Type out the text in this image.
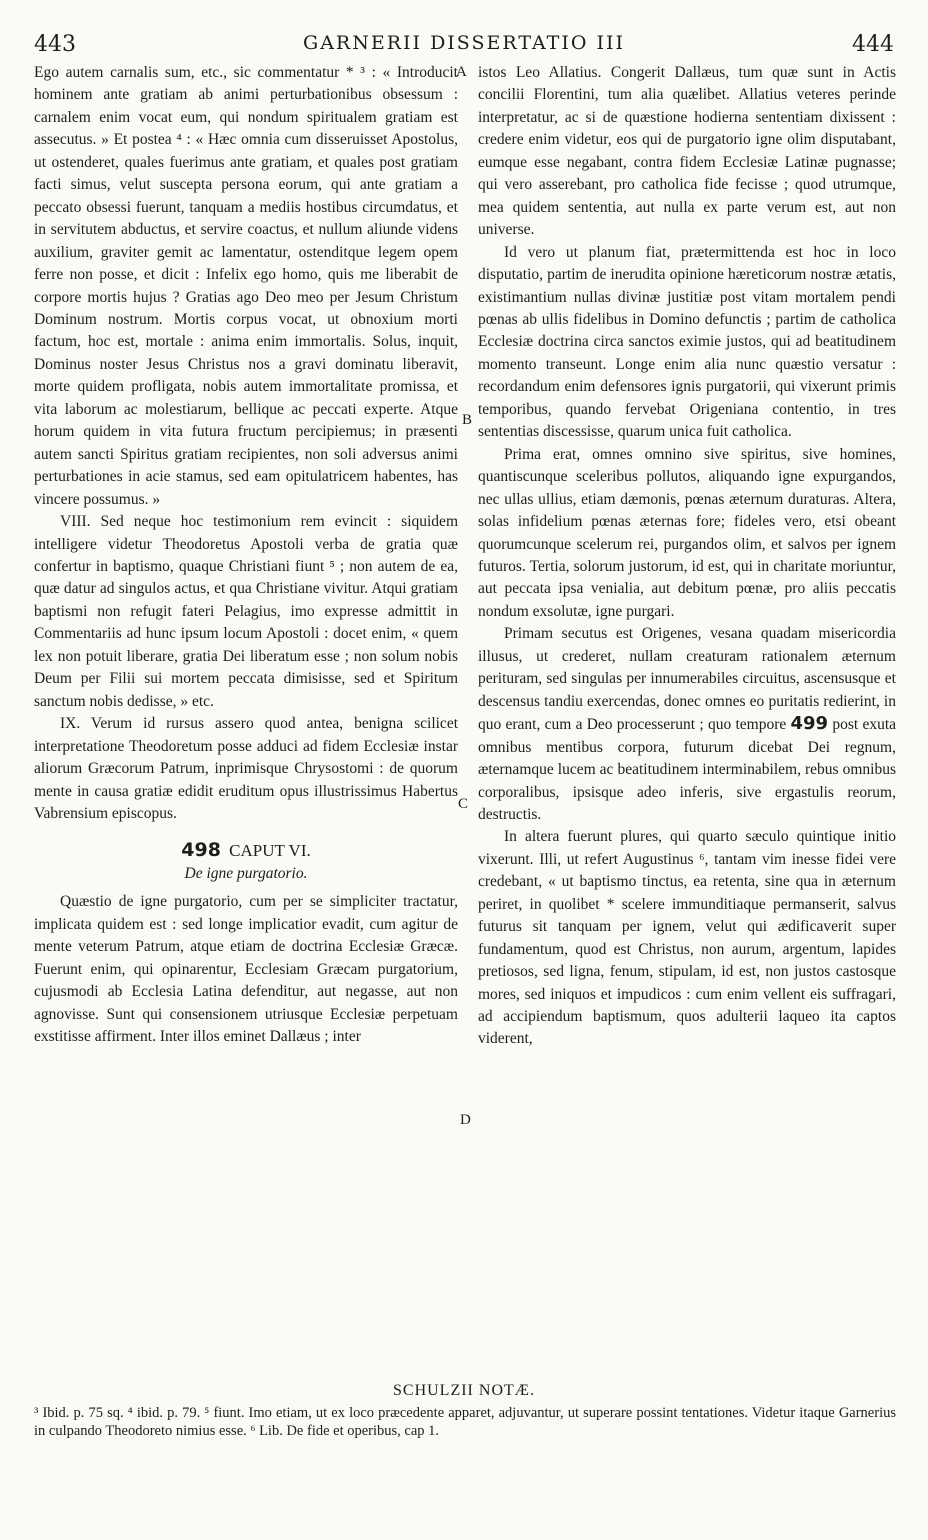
443	GARNERII DISSERTATIO III	444
A
B
C
D

Ego autem carnalis sum, etc., sic commentatur * ³ : « Introducit hominem ante gratiam ab animi perturbationibus obsessum : carnalem enim vocat eum, qui nondum spiritualem gratiam est assecutus. » Et postea ⁴ : « Hæc omnia cum disseruisset Apostolus, ut ostenderet, quales fuerimus ante gratiam, et quales post gratiam facti simus, velut suscepta persona eorum, qui ante gratiam a peccato obsessi fuerunt, tanquam a mediis hostibus circumdatus, et in servitutem abductus, et servire coactus, et nullum aliunde videns auxilium, graviter gemit ac lamentatur, ostenditque legem opem ferre non posse, et dicit : Infelix ego homo, quis me liberabit de corpore mortis hujus ? Gratias ago Deo meo per Jesum Christum Dominum nostrum. Mortis corpus vocat, ut obnoxium morti factum, hoc est, mortale : anima enim immortalis. Solus, inquit, Dominus noster Jesus Christus nos a gravi dominatu liberavit, morte quidem profligata, nobis autem immortalitate promissa, et vita laborum ac molestiarum, bellique ac peccati experte. Atque horum quidem in vita futura fructum percipiemus; in præsenti autem sancti Spiritus gratiam recipientes, non soli adversus animi perturbationes in acie stamus, sed eam opitulatricem habentes, has vincere possumus. »

VIII. Sed neque hoc testimonium rem evincit : siquidem intelligere videtur Theodoretus Apostoli verba de gratia quæ confertur in baptismo, quaque Christiani fiunt ⁵ ; non autem de ea, quæ datur ad singulos actus, et qua Christiane vivitur. Atqui gratiam baptismi non refugit fateri Pelagius, imo expresse admittit in Commentariis ad hunc ipsum locum Apostoli : docet enim, « quem lex non potuit liberare, gratia Dei liberatum esse ; non solum nobis Deum per Filii sui mortem peccata dimisisse, sed et Spiritum sanctum nobis dedisse, » etc.

IX. Verum id rursus assero quod antea, benigna scilicet interpretatione Theodoretum posse adduci ad fidem Ecclesiæ instar aliorum Græcorum Patrum, inprimisque Chrysostomi : de quorum mente in causa gratiæ edidit eruditum opus illustrissimus Habertus Vabrensium episcopus.

498 CAPUT VI.

De igne purgatorio.

Quæstio de igne purgatorio, cum per se simpliciter tractatur, implicata quidem est : sed longe implicatior evadit, cum agitur de mente veterum Patrum, atque etiam de doctrina Ecclesiæ Græcæ. Fuerunt enim, qui opinarentur, Ecclesiam Græcam purgatorium, cujusmodi ab Ecclesia Latina defenditur, aut negasse, aut non agnovisse. Sunt qui consensionem utriusque Ecclesiæ perpetuam exstitisse affirment. Inter illos eminet Dallæus ; inter

istos Leo Allatius. Congerit Dallæus, tum quæ sunt in Actis concilii Florentini, tum alia quælibet. Allatius veteres perinde interpretatur, ac si de quæstione hodierna sententiam dixissent : credere enim videtur, eos qui de purgatorio igne olim disputabant, eumque esse negabant, contra fidem Ecclesiæ Latinæ pugnasse; qui vero asserebant, pro catholica fide fecisse ; quod utrumque, mea quidem sententia, aut nulla ex parte verum est, aut non universe.

Id vero ut planum fiat, prætermittenda est hoc in loco disputatio, partim de inerudita opinione hæreticorum nostræ ætatis, existimantium nullas divinæ justitiæ post vitam mortalem pendi pœnas ab ullis fidelibus in Domino defunctis ; partim de catholica Ecclesiæ doctrina circa sanctos eximie justos, qui ad beatitudinem momento transeunt. Longe enim alia nunc quæstio versatur : recordandum enim defensores ignis purgatorii, qui vixerunt primis temporibus, quando fervebat Origeniana contentio, in tres sententias discessisse, quarum unica fuit catholica.

Prima erat, omnes omnino sive spiritus, sive homines, quantiscunque sceleribus pollutos, aliquando igne expurgandos, nec ullas ullius, etiam dæmonis, pœnas æternum duraturas. Altera, solas infidelium pœnas æternas fore; fideles vero, etsi obeant quorumcunque scelerum rei, purgandos olim, et salvos per ignem futuros. Tertia, solorum justorum, id est, qui in charitate moriuntur, aut peccata ipsa venialia, aut debitum pœnæ, pro aliis peccatis nondum exsolutæ, igne purgari.

Primam secutus est Origenes, vesana quadam misericordia illusus, ut crederet, nullam creaturam rationalem æternum perituram, sed singulas per innumerabiles circuitus, ascensusque et descensus tandiu exercendas, donec omnes eo puritatis redierint, in quo erant, cum a Deo processerunt ; quo tempore 499 post exuta omnibus mentibus corpora, futurum dicebat Dei regnum, æternamque lucem ac beatitudinem interminabilem, rebus omnibus corporalibus, ipsisque adeo inferis, sive ergastulis reorum, destructis.

In altera fuerunt plures, qui quarto sæculo quintique initio vixerunt. Illi, ut refert Augustinus ⁶, tantam vim inesse fidei vere credebant, « ut baptismo tinctus, ea retenta, sine qua in æternum periret, in quolibet * scelere immunditiaque permanserit, salvus futurus sit tanquam per ignem, velut qui ædificaverit super fundamentum, quod est Christus, non aurum, argentum, lapides pretiosos, sed ligna, fenum, stipulam, id est, non justos castosque mores, sed iniquos et impudicos : cum enim vellent eis suffragari, ad accipiendum baptismum, quos adulterii laqueo ita captos viderent,

SCHULZII NOTÆ.

³ Ibid. p. 75 sq. ⁴ ibid. p. 79. ⁵ fiunt. Imo etiam, ut ex loco præcedente apparet, adjuvantur, ut superare possint tentationes. Videtur itaque Garnerius in culpando Theodoreto nimius esse. ⁶ Lib. De fide et operibus, cap 1.
